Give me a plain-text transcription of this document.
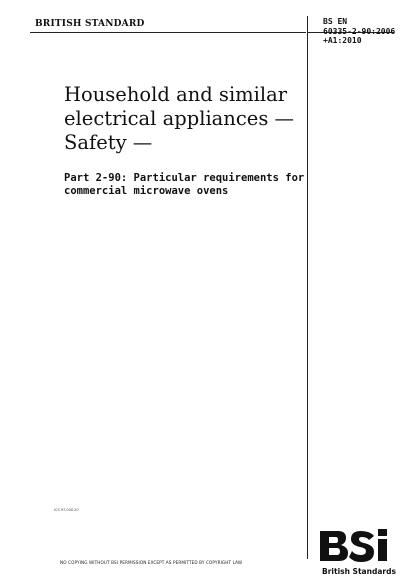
BRITISH STANDARD	BS EN
60335-2-90:2006
+A1:2010
Household and similar
electrical appliances —
Safety —
Part 2-90: Particular requirements for
commercial microwave ovens
ICS 97.040.20
NO COPYING WITHOUT BSI PERMISSION EXCEPT AS PERMITTED BY COPYRIGHT LAW
British Standards
